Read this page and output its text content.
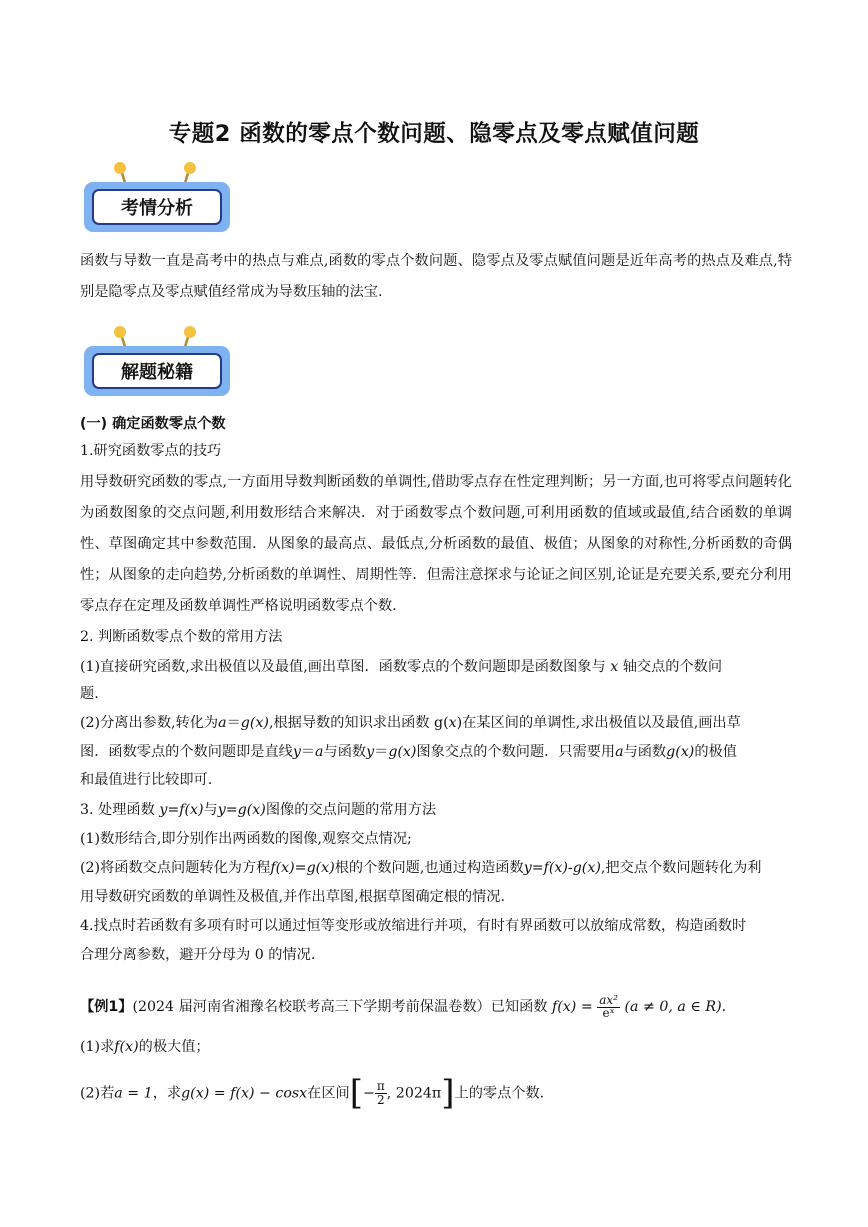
专题2 函数的零点个数问题、隐零点及零点赋值问题
考情分析
函数与导数一直是高考中的热点与难点,函数的零点个数问题、隐零点及零点赋值问题是近年高考的热点及难点,特别是隐零点及零点赋值经常成为导数压轴的法宝.
解题秘籍
(一) 确定函数零点个数
1.研究函数零点的技巧
用导数研究函数的零点,一方面用导数判断函数的单调性,借助零点存在性定理判断；另一方面,也可将零点问题转化为函数图象的交点问题,利用数形结合来解决．对于函数零点个数问题,可利用函数的值域或最值,结合函数的单调性、草图确定其中参数范围．从图象的最高点、最低点,分析函数的最值、极值；从图象的对称性,分析函数的奇偶性；从图象的走向趋势,分析函数的单调性、周期性等．但需注意探求与论证之间区别,论证是充要关系,要充分利用零点存在定理及函数单调性严格说明函数零点个数.
2. 判断函数零点个数的常用方法
(1)直接研究函数,求出极值以及最值,画出草图．函数零点的个数问题即是函数图象与 x 轴交点的个数问
题.
(2)分离出参数,转化为a＝g(x),根据导数的知识求出函数 g(x)在某区间的单调性,求出极值以及最值,画出草
图．函数零点的个数问题即是直线y＝a与函数y＝g(x)图象交点的个数问题．只需要用a与函数g(x)的极值
和最值进行比较即可.
3. 处理函数 y=f(x)与y=g(x)图像的交点问题的常用方法
(1)数形结合,即分别作出两函数的图像,观察交点情况;
(2)将函数交点问题转化为方程f(x)=g(x)根的个数问题,也通过构造函数y=f(x)-g(x),把交点个数问题转化为利
用导数研究函数的单调性及极值,并作出草图,根据草图确定根的情况.
4.找点时若函数有多项有时可以通过恒等变形或放缩进行并项，有时有界函数可以放缩成常数，构造函数时
合理分离参数，避开分母为 0 的情况.
【例1】(2024 届河南省湘豫名校联考高三下学期考前保温卷数）已知函数 $f(x) = \frac{\text{ax²}}{\text{eˣ}} (a \ne 0$, a ∈ R).
(1)求f(x)的极大值；
(2)若a = 1，求g(x) = f(x) − cosx在区间[− $\frac{\pi}{2}$ , 2024π]上的零点个数.
